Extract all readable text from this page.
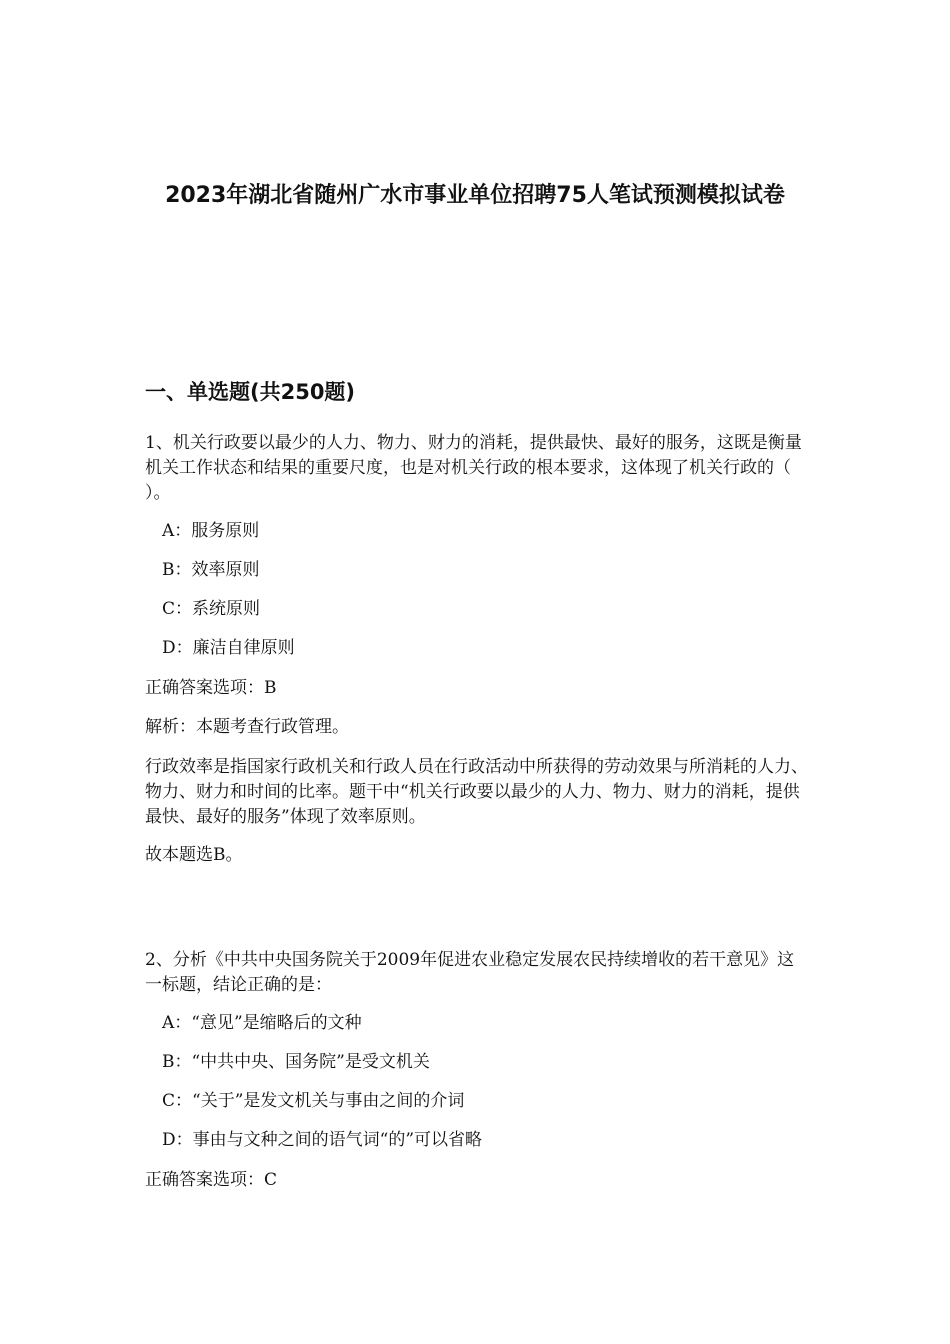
2023年湖北省随州广水市事业单位招聘75人笔试预测模拟试卷
一、单选题(共250题)
1、机关行政要以最少的人力、物力、财力的消耗，提供最快、最好的服务，这既是衡量机关工作状态和结果的重要尺度，也是对机关行政的根本要求，这体现了机关行政的（ ）。
A：服务原则
B：效率原则
C：系统原则
D：廉洁自律原则
正确答案选项：B
解析：本题考查行政管理。
行政效率是指国家行政机关和行政人员在行政活动中所获得的劳动效果与所消耗的人力、物力、财力和时间的比率。题干中“机关行政要以最少的人力、物力、财力的消耗，提供最快、最好的服务”体现了效率原则。
故本题选B。
2、分析《中共中央国务院关于2009年促进农业稳定发展农民持续增收的若干意见》这一标题，结论正确的是：
A：“意见”是缩略后的文种
B：“中共中央、国务院”是受文机关
C：“关于”是发文机关与事由之间的介词
D：事由与文种之间的语气词“的”可以省略
正确答案选项：C
